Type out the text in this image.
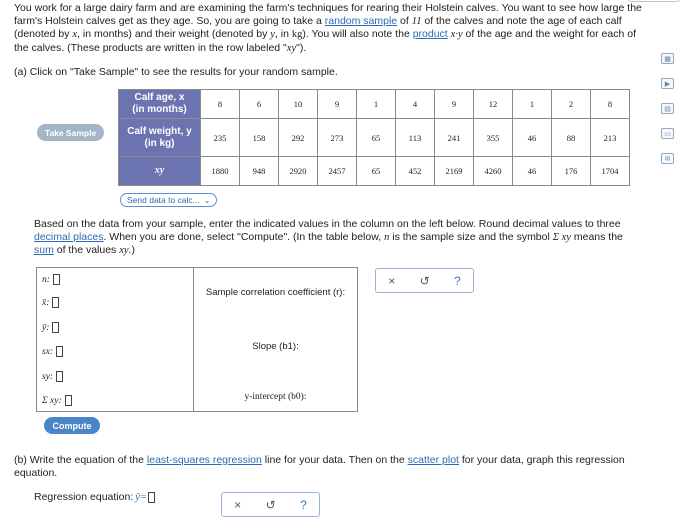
You work for a large dairy farm and are examining the farm's techniques for rearing their Holstein calves. You want to see how large the farm's Holstein calves get as they age. So, you are going to take a random sample of 11 of the calves and note the age of each calf (denoted by x, in months) and their weight (denoted by y, in kg). You will also note the product x·y of the age and the weight for each of the calves. (These products are written in the row labeled "xy").
(a) Click on "Take Sample" to see the results for your random sample.
Take Sample
Calf age, x
(in months)	8	6	10	9	1	4	9	12	1	2	8
Calf weight, y
(in kg)	235	158	292	273	65	113	241	355	46	88	213
xy	1880	948	2920	2457	65	452	2169	4260	46	176	1704
Send data to calc... ⌄
Based on the data from your sample, enter the indicated values in the column on the left below. Round decimal values to three decimal places. When you are done, select "Compute". (In the table below, n is the sample size and the symbol Σ xy means the sum of the values xy.)
n:
x̄:
ȳ:
sx:
sy:
Σ xy:
Sample correlation coefficient (r):
Slope (b1):
y-intercept (b0):
Compute
× ↺ ?
(b) Write the equation of the least-squares regression line for your data. Then on the scatter plot for your data, graph this regression equation.
Regression equation: ŷ=
× ↺ ?
▦
▶
▤
▭
✉
